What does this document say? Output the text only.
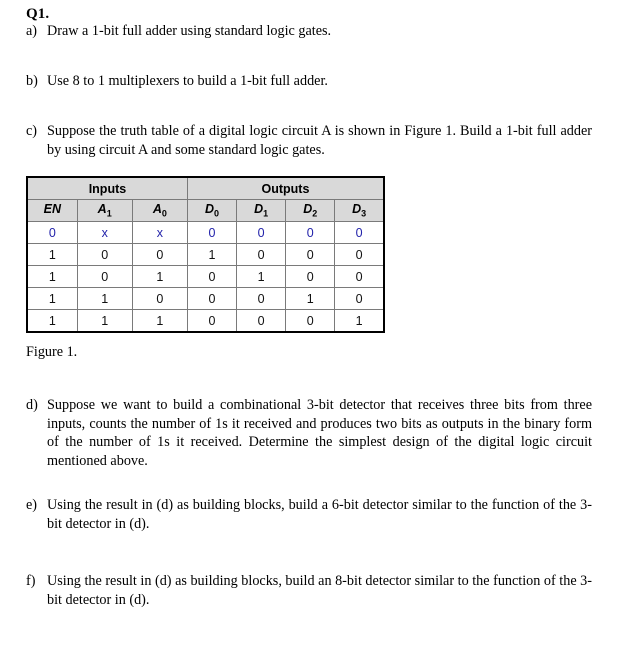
Q1.
a) Draw a 1-bit full adder using standard logic gates.
b) Use 8 to 1 multiplexers to build a 1-bit full adder.
c) Suppose the truth table of a digital logic circuit A is shown in Figure 1. Build a 1-bit full adder by using circuit A and some standard logic gates.
Inputs			Outputs			
EN	$A_1$	$A_0$	$D_0$	$D_1$	$D_2$	$D_3$
0	x	x	0	0	0	0
1	0	0	1	0	0	0
1	0	1	0	1	0	0
1	1	0	0	0	1	0
1	1	1	0	0	0	1
Figure 1.
d) Suppose we want to build a combinational 3-bit detector that receives three bits from three inputs, counts the number of 1s it received and produces two bits as outputs in the binary form of the number of 1s it received. Determine the simplest design of the digital logic circuit mentioned above.
e) Using the result in (d) as building blocks, build a 6-bit detector similar to the function of the 3-bit detector in (d).
f) Using the result in (d) as building blocks, build an 8-bit detector similar to the function of the 3-bit detector in (d).
